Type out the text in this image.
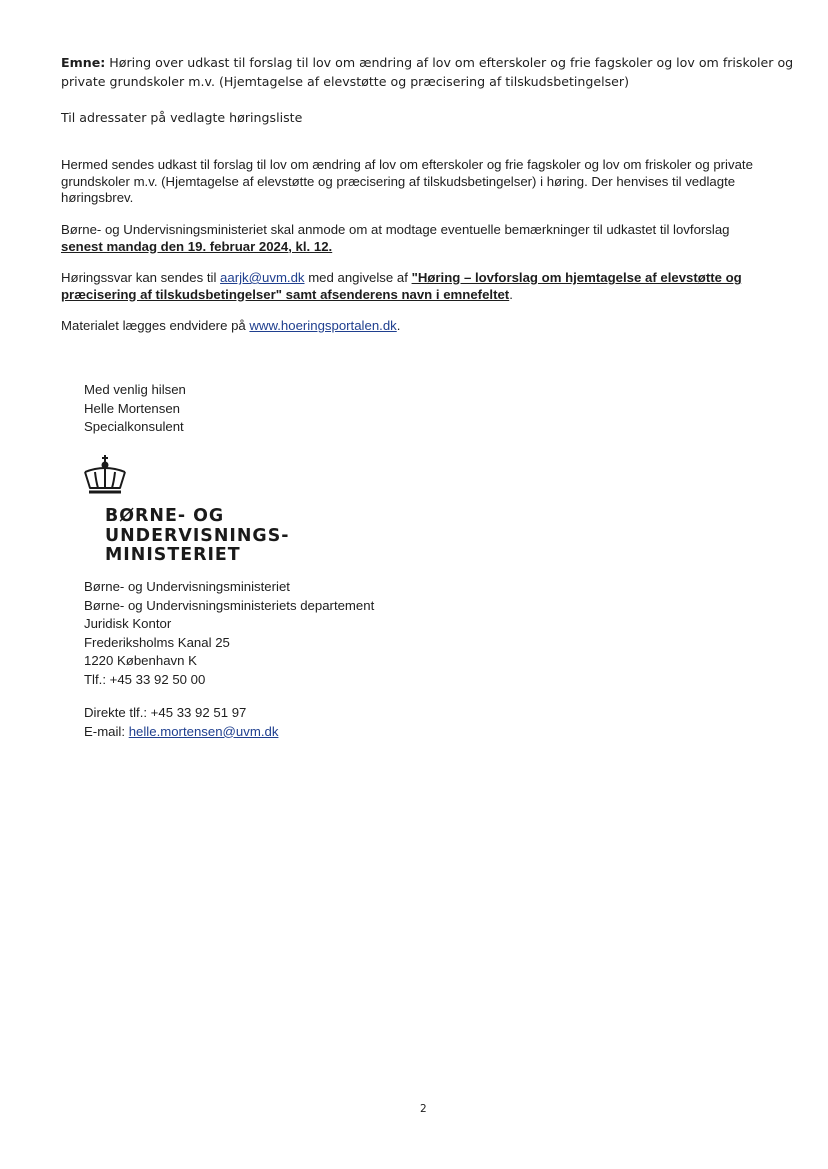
Emne: Høring over udkast til forslag til lov om ændring af lov om efterskoler og frie fagskoler og lov om friskoler og private grundskoler m.v. (Hjemtagelse af elevstøtte og præcisering af tilskudsbetingelser)
Til adressater på vedlagte høringsliste
Hermed sendes udkast til forslag til lov om ændring af lov om efterskoler og frie fagskoler og lov om friskoler og private grundskoler m.v. (Hjemtagelse af elevstøtte og præcisering af tilskudsbetingelser) i høring. Der henvises til vedlagte høringsbrev.
Børne- og Undervisningsministeriet skal anmode om at modtage eventuelle bemærkninger til udkastet til lovforslag
senest mandag den 19. februar 2024, kl. 12.
Høringssvar kan sendes til aarjk@uvm.dk med angivelse af "Høring – lovforslag om hjemtagelse af elevstøtte og præcisering af tilskudsbetingelser" samt afsenderens navn i emnefeltet.
Materialet lægges endvidere på www.hoeringsportalen.dk.
Med venlig hilsen
Helle Mortensen
Specialkonsulent
BØRNE- OG
UNDERVISNINGS-
MINISTERIET
Børne- og Undervisningsministeriet
Børne- og Undervisningsministeriets departement
Juridisk Kontor
Frederiksholms Kanal 25
1220 København K
Tlf.: +45 33 92 50 00
Direkte tlf.: +45 33 92 51 97
E-mail: helle.mortensen@uvm.dk
2
